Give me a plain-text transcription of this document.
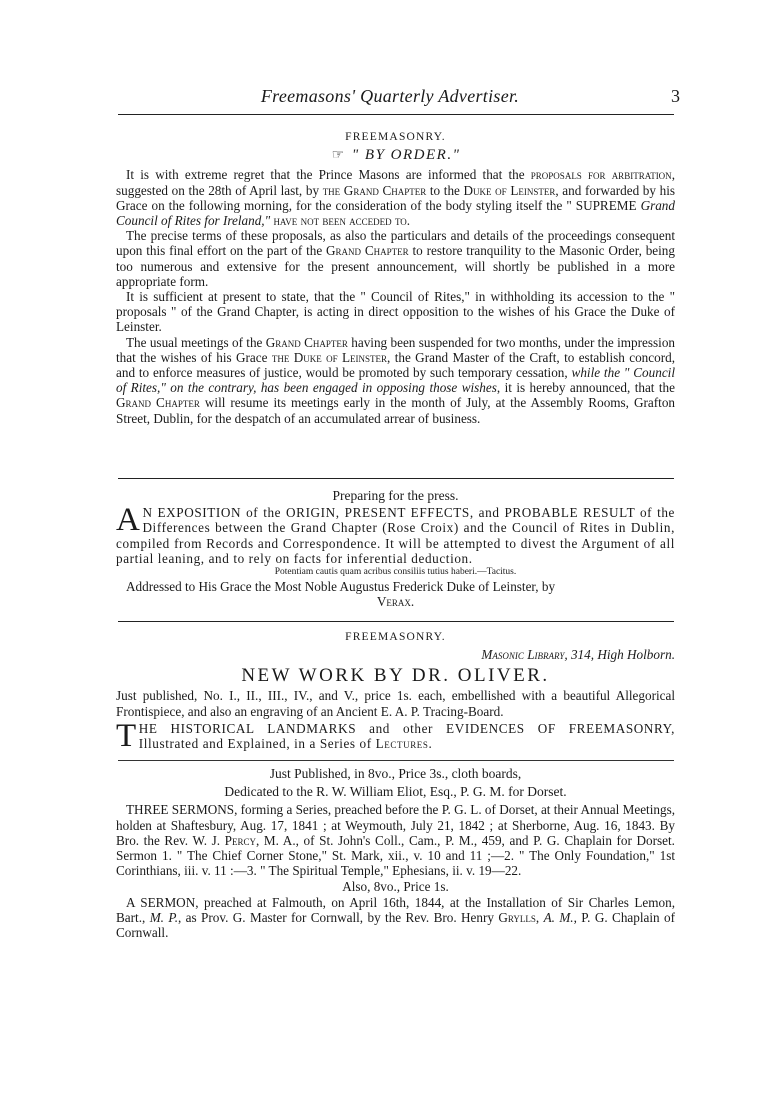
Freemasons' Quarterly Advertiser.	3
FREEMASONRY.
☞ " BY ORDER."

It is with extreme regret that the Prince Masons are informed that the proposals for arbitration, suggested on the 28th of April last, by the Grand Chapter to the Duke of Leinster, and forwarded by his Grace on the following morning, for the consideration of the body styling itself the " SUPREME Grand Council of Rites for Ireland," have not been acceded to.

The precise terms of these proposals, as also the particulars and details of the proceedings consequent upon this final effort on the part of the Grand Chapter to restore tranquility to the Masonic Order, being too numerous and extensive for the present announcement, will shortly be published in a more appropriate form.

It is sufficient at present to state, that the " Council of Rites," in withholding its accession to the " proposals " of the Grand Chapter, is acting in direct opposition to the wishes of his Grace the Duke of Leinster.

The usual meetings of the Grand Chapter having been suspended for two months, under the impression that the wishes of his Grace the Duke of Leinster, the Grand Master of the Craft, to establish concord, and to enforce measures of justice, would be promoted by such temporary cessation, while the " Council of Rites," on the contrary, has been engaged in opposing those wishes, it is hereby announced, that the Grand Chapter will resume its meetings early in the month of July, at the Assembly Rooms, Grafton Street, Dublin, for the despatch of an accumulated arrear of business.

Preparing for the press.

A N EXPOSITION of the ORIGIN, PRESENT EFFECTS, and PROBABLE RESULT of the Differences between the Grand Chapter (Rose Croix) and the Council of Rites in Dublin, compiled from Records and Correspondence. It will be attempted to divest the Argument of all partial leaning, and to rely on facts for inferential deduction.

Potentiam cautis quam acribus consiliis tutius haberi.—Tacitus.

Addressed to His Grace the Most Noble Augustus Frederick Duke of Leinster, by

Verax.
FREEMASONRY.
Masonic Library, 314, High Holborn.
NEW WORK BY DR. OLIVER.

Just published, No. I., II., III., IV., and V., price 1s. each, embellished with a beautiful Allegorical Frontispiece, and also an engraving of an Ancient E. A. P. Tracing-Board.

THE HISTORICAL LANDMARKS and other EVIDENCES OF FREEMASONRY, Illustrated and Explained, in a Series of Lectures.

Just Published, in 8vo., Price 3s., cloth boards,
Dedicated to the R. W. William Eliot, Esq., P. G. M. for Dorset.

THREE SERMONS, forming a Series, preached before the P. G. L. of Dorset, at their Annual Meetings, holden at Shaftesbury, Aug. 17, 1841 ; at Weymouth, July 21, 1842 ; at Sherborne, Aug. 16, 1843. By Bro. the Rev. W. J. Percy, M. A., of St. John's Coll., Cam., P. M., 459, and P. G. Chaplain for Dorset. Sermon 1. " The Chief Corner Stone," St. Mark, xii., v. 10 and 11 ;—2. " The Only Foundation," 1st Corinthians, iii. v. 11 :—3. " The Spiritual Temple," Ephesians, ii. v. 19—22.

Also, 8vo., Price 1s.

A SERMON, preached at Falmouth, on April 16th, 1844, at the Installation of Sir Charles Lemon, Bart., M. P., as Prov. G. Master for Cornwall, by the Rev. Bro. Henry Grylls, A. M., P. G. Chaplain of Cornwall.
